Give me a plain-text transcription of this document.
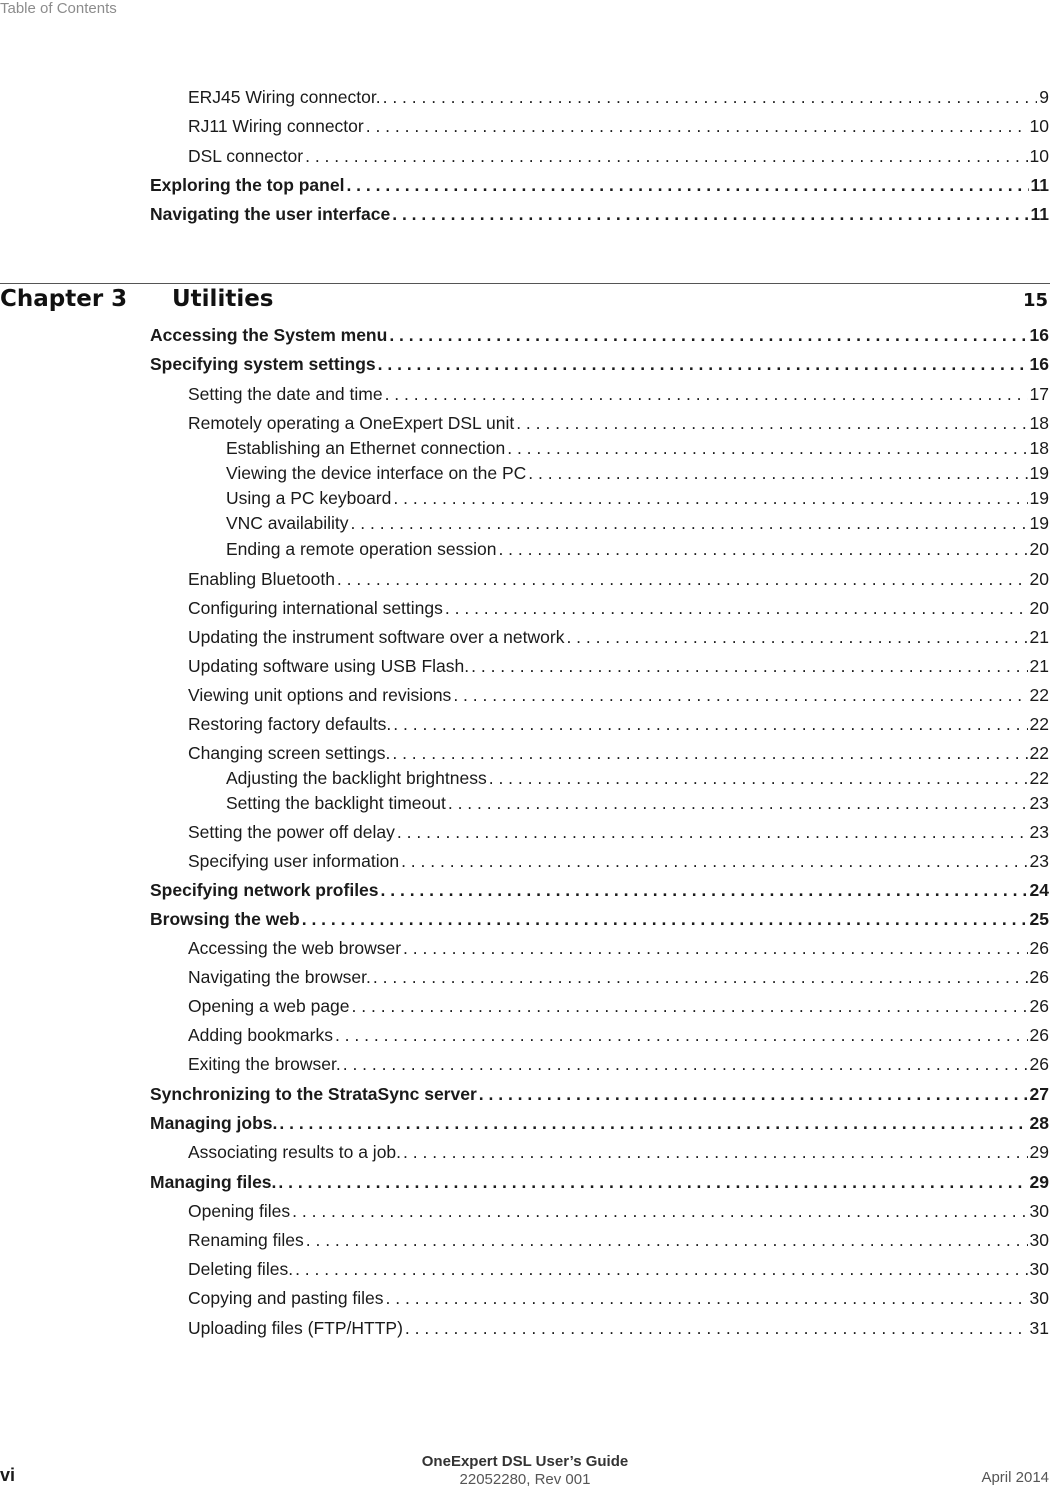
Table of Contents
ERJ45 Wiring connector. . . .	9
RJ11 Wiring connector . . .	10
DSL connector . . .	10
Exploring the top panel . . .	11
Navigating the user interface . . .	11
Chapter 3	Utilities	15
Accessing the System menu . . .	16
Specifying system settings . . .	16
Setting the date and time . . .	17
Remotely operating a OneExpert DSL unit . . .	18
Establishing an Ethernet connection . . .	18
Viewing the device interface on the PC . . .	19
Using a PC keyboard . . .	19
VNC availability . . .	19
Ending a remote operation session . . .	20
Enabling Bluetooth . . .	20
Configuring international settings . . .	20
Updating the instrument software over a network . . .	21
Updating software using USB Flash. . . .	21
Viewing unit options and revisions . . .	22
Restoring factory defaults. . . .	22
Changing screen settings. . . .	22
Adjusting the backlight brightness . . .	22
Setting the backlight timeout . . .	23
Setting the power off delay . . .	23
Specifying user information . . .	23
Specifying network profiles . . .	24
Browsing the web . . .	25
Accessing the web browser . . .	26
Navigating the browser. . . .	26
Opening a web page . . .	26
Adding bookmarks . . .	26
Exiting the browser. . . .	26
Synchronizing to the StrataSync server . . .	27
Managing jobs. . . .	28
Associating results to a job. . . .	29
Managing files. . . .	29
Opening files . . .	30
Renaming files . . .	30
Deleting files. . . .	30
Copying and pasting files . . .	30
Uploading files (FTP/HTTP) . . .	31
vi
OneExpert DSL User’s Guide
22052280, Rev 001	April 2014
